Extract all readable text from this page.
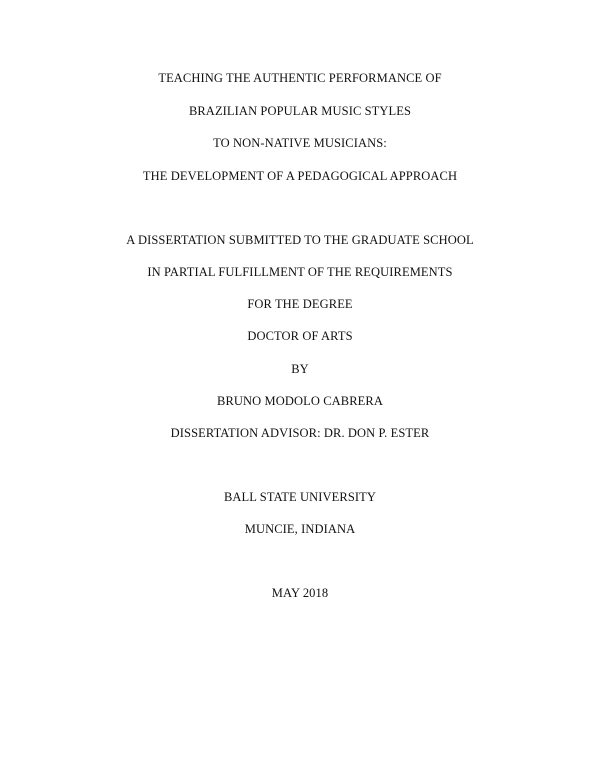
TEACHING THE AUTHENTIC PERFORMANCE OF
BRAZILIAN POPULAR MUSIC STYLES
TO NON-NATIVE MUSICIANS:
THE DEVELOPMENT OF A PEDAGOGICAL APPROACH
A DISSERTATION SUBMITTED TO THE GRADUATE SCHOOL
IN PARTIAL FULFILLMENT OF THE REQUIREMENTS
FOR THE DEGREE
DOCTOR OF ARTS
BY
BRUNO MODOLO CABRERA
DISSERTATION ADVISOR: DR. DON P. ESTER
BALL STATE UNIVERSITY
MUNCIE, INDIANA
MAY 2018
